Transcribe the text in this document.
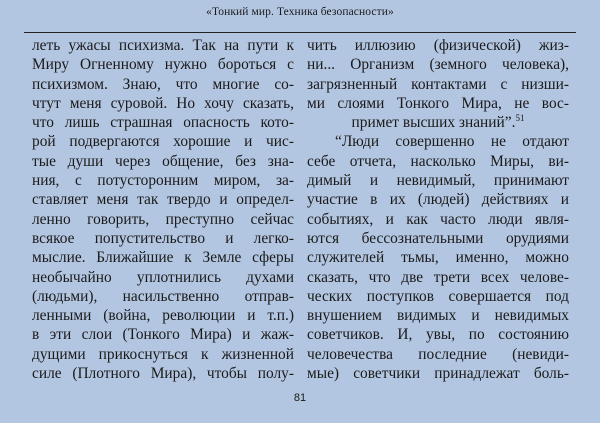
«Тонкий мир. Техника безопасности»
леть ужасы психизма. Так на пути к
Миру Огненному нужно бороться с
психизмом. Знаю, что многие со-
чтут меня суровой. Но хочу сказать,
что лишь страшная опасность кото-
рой подвергаются хорошие и чис-
тые души через общение, без зна-
ния, с потусторонним миром, за-
ставляет меня так твердо и определ-
ленно говорить, преступно сейчас
всякое попустительство и легко-
мыслие. Ближайшие к Земле сферы
необычайно уплотнились духами
(людьми), насильственно отправ-
ленными (война, революции и т.п.)
в эти слои (Тонкого Мира) и жаж-
дущими прикоснуться к жизненной
силе (Плотного Мира), чтобы полу-
чить иллюзию (физической) жиз-
ни... Организм (земного человека),
загрязненный контактами с низши-
ми слоями Тонкого Мира, не вос-
примет высших знаний”.$^{51}$
“Люди совершенно не отдают
себе отчета, насколько Миры, ви-
димый и невидимый, принимают
участие в их (людей) действиях и
событиях, и как часто люди явля-
ются бессознательными орудиями
служителей тьмы, именно, можно
сказать, что две трети всех челове-
ческих поступков совершается под
внушением видимых и невидимых
советчиков. И, увы, по состоянию
человечества последние (невиди-
мые) советчики принадлежат боль-
81
